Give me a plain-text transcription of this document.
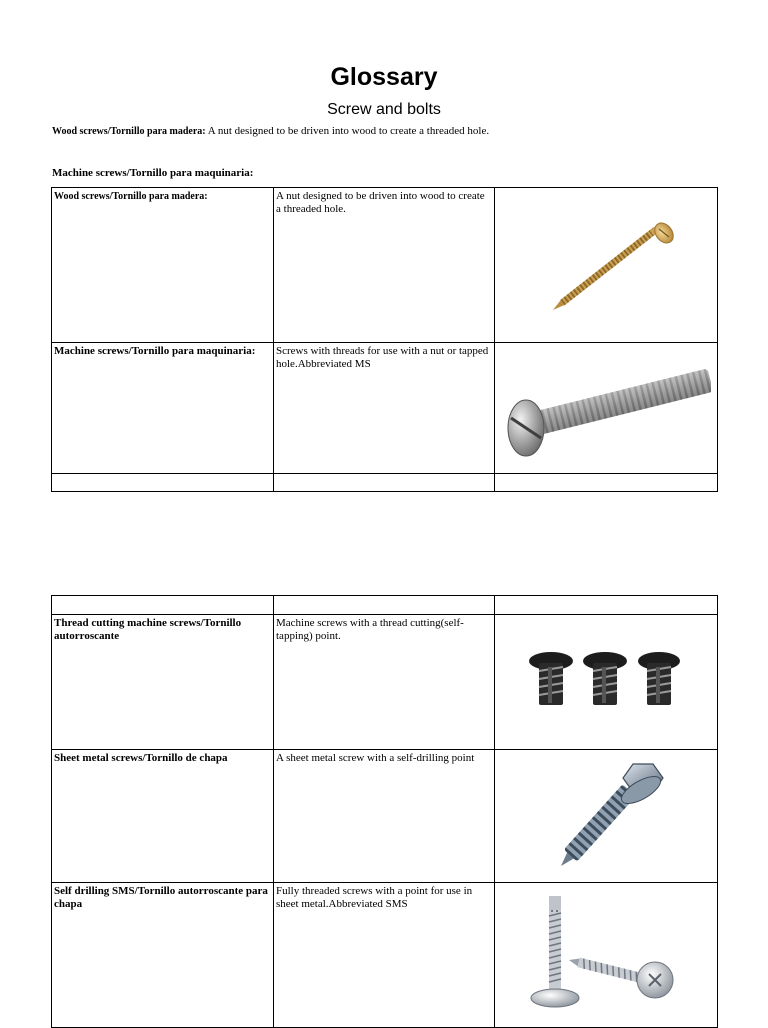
Glossary
Screw and bolts
Wood screws/Tornillo para madera: A nut designed to be driven into wood to create a threaded hole.
Machine screws/Tornillo para maquinaria:
Wood screws/Tornillo para madera:	A nut designed to be driven into wood to create a threaded hole.	

Machine screws/Tornillo para maquinaria:	Screws with threads for use with a nut or tapped hole.Abbreviated MS	

Thread cutting machine screws/Tornillo autorroscante	Machine screws with a thread cutting(self-tapping) point.	

Sheet metal screws/Tornillo de chapa	A sheet metal screw with a self-drilling point	

Self drilling SMS/Tornillo autorroscante para chapa	Fully threaded screws with a point for use in sheet metal.Abbreviated SMS	
